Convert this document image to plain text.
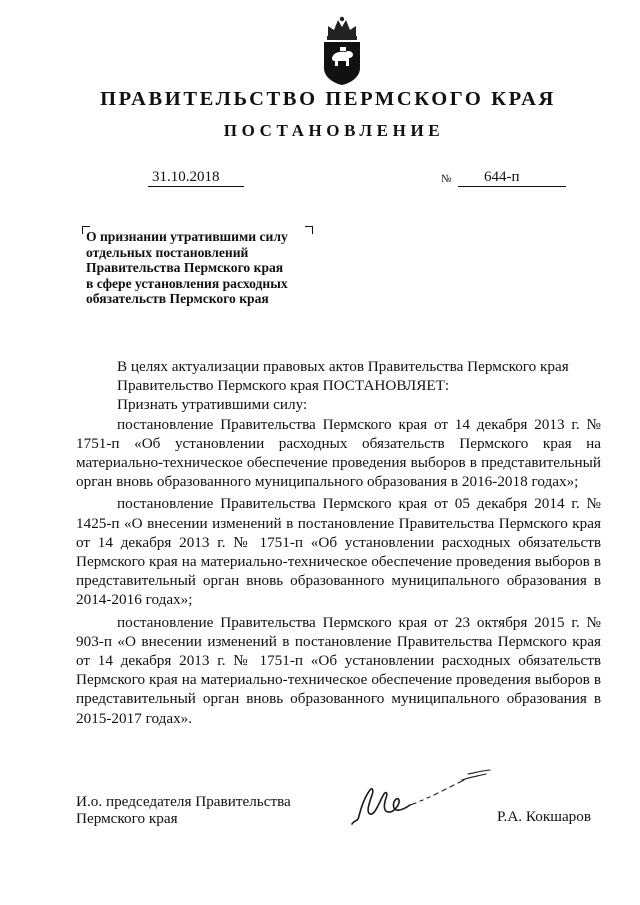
ПРАВИТЕЛЬСТВО ПЕРМСКОГО КРАЯ
ПОСТАНОВЛЕНИЕ
31.10.2018	№ 644-п
О признании утратившими силу
отдельных постановлений
Правительства Пермского края
в сфере установления расходных
обязательств Пермского края

В целях актуализации правовых актов Правительства Пермского края

Правительство Пермского края ПОСТАНОВЛЯЕТ:

Признать утратившими силу:

постановление Правительства Пермского края от 14 декабря 2013 г. № 1751-п «Об установлении расходных обязательств Пермского края на материально-техническое обеспечение проведения выборов в представительный орган вновь образованного муниципального образования в 2016-2018 годах»;

постановление Правительства Пермского края от 05 декабря 2014 г. № 1425-п «О внесении изменений в постановление Правительства Пермского края от 14 декабря 2013 г. № 1751-п «Об установлении расходных обязательств Пермского края на материально-техническое обеспечение проведения выборов в представительный орган вновь образованного муниципального образования в 2014-2016 годах»;

постановление Правительства Пермского края от 23 октября 2015 г. № 903-п «О внесении изменений в постановление Правительства Пермского края от 14 декабря 2013 г. № 1751-п «Об установлении расходных обязательств Пермского края на материально-техническое обеспечение проведения выборов в представительный орган вновь образованного муниципального образования в 2015-2017 годах».

И.о. председателя Правительства
Пермского края	Р.А. Кокшаров
